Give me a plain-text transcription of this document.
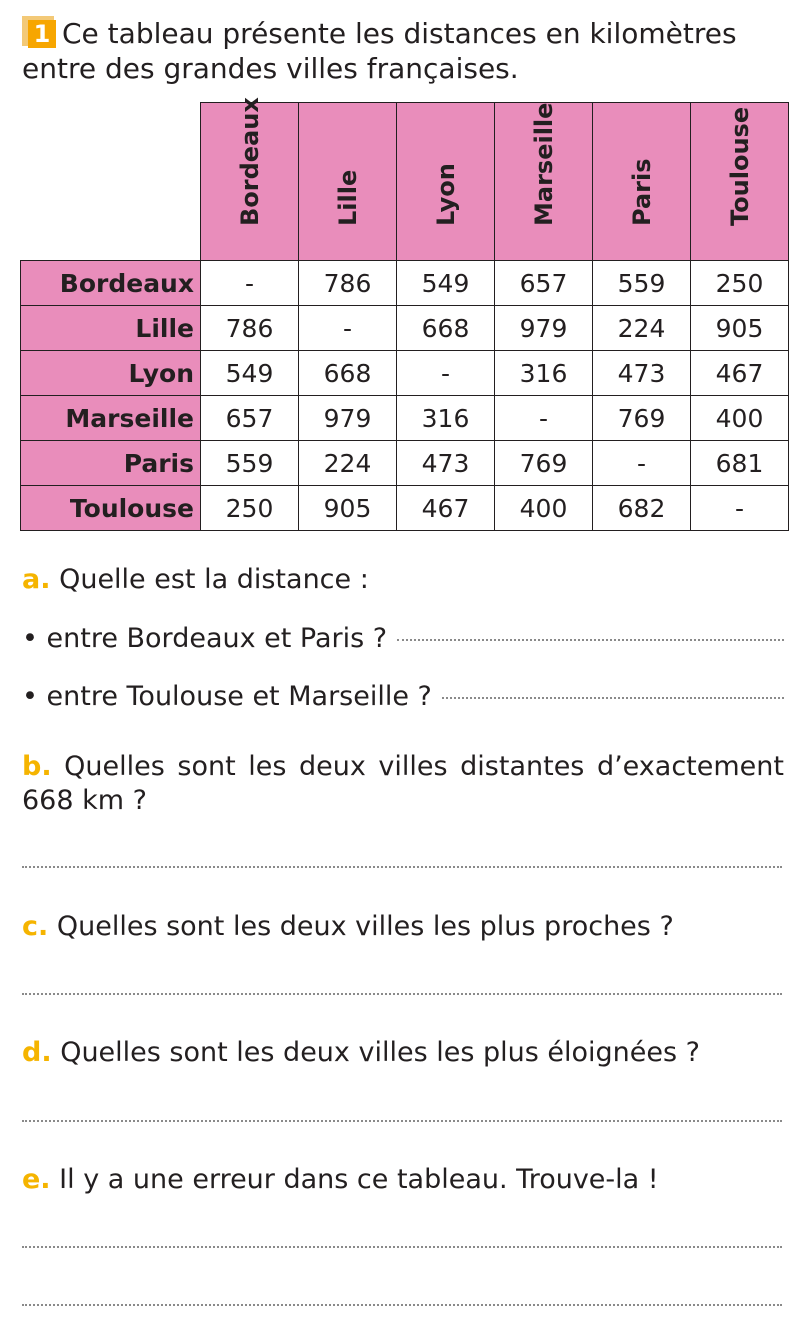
1 Ce tableau présente les distances en kilomètres entre des grandes villes françaises.

	Bordeaux	Lille	Lyon	Marseille	Paris	Toulouse

Bordeaux	-	786	549	657	559	250
Lille	786	-	668	979	224	905
Lyon	549	668	-	316	473	467
Marseille	657	979	316	-	769	400
Paris	559	224	473	769	-	681
Toulouse	250	905	467	400	682	-
a. Quelle est la distance :
• entre Bordeaux et Paris ?
• entre Toulouse et Marseille ?
b. Quelles sont les deux villes distantes d’exactement 668 km ?
c. Quelles sont les deux villes les plus proches ?
d. Quelles sont les deux villes les plus éloignées ?
e. Il y a une erreur dans ce tableau. Trouve-la !
